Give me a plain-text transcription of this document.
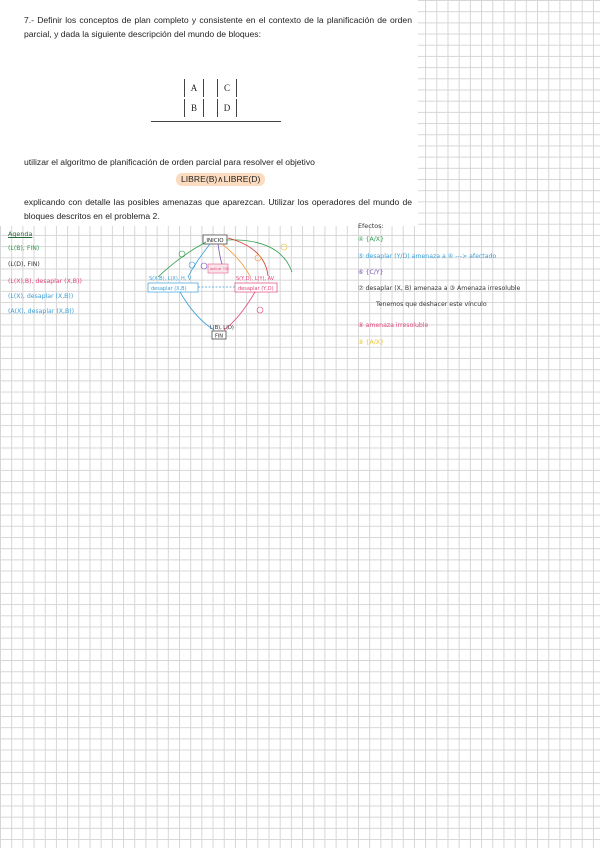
7.- Definir los conceptos de plan completo y consistente en el contexto de la planificación de orden parcial, y dada la siguiente descripción del mundo de bloques:
A
B
C
D
utilizar el algoritmo de planificación de orden parcial para resolver el objetivo
LIBRE(B)∧LIBRE(D)
explicando con detalle las posibles amenazas que aparezcan. Utilizar los operadores del mundo de bloques descritos en el problema 2.
Agenda
(L(B), FIN)
(L(D), FIN)
(L(X),B), desaplar (X,B))
(L(X), desaplar (X,B))
(A(X), desaplar (X,B))
INICIO
S(X,B), L(X), H, V
desaplar (X,B)
S(Y,D), L(Y), AV
desaplar (Y,D)
aplicar Y/B
L(B), L(D)
FIN
Efectos:
④ {A/X}
⑤ desaplar (Y/D) amenaza a ④ ---> afectado
⑥ {C/Y}
⑦ desaplar (X, B) amenaza a ③ Amenaza irresoluble
Tenemos que deshacer este vínculo
⑧ amenaza irresoluble
⑨ {A/X}
